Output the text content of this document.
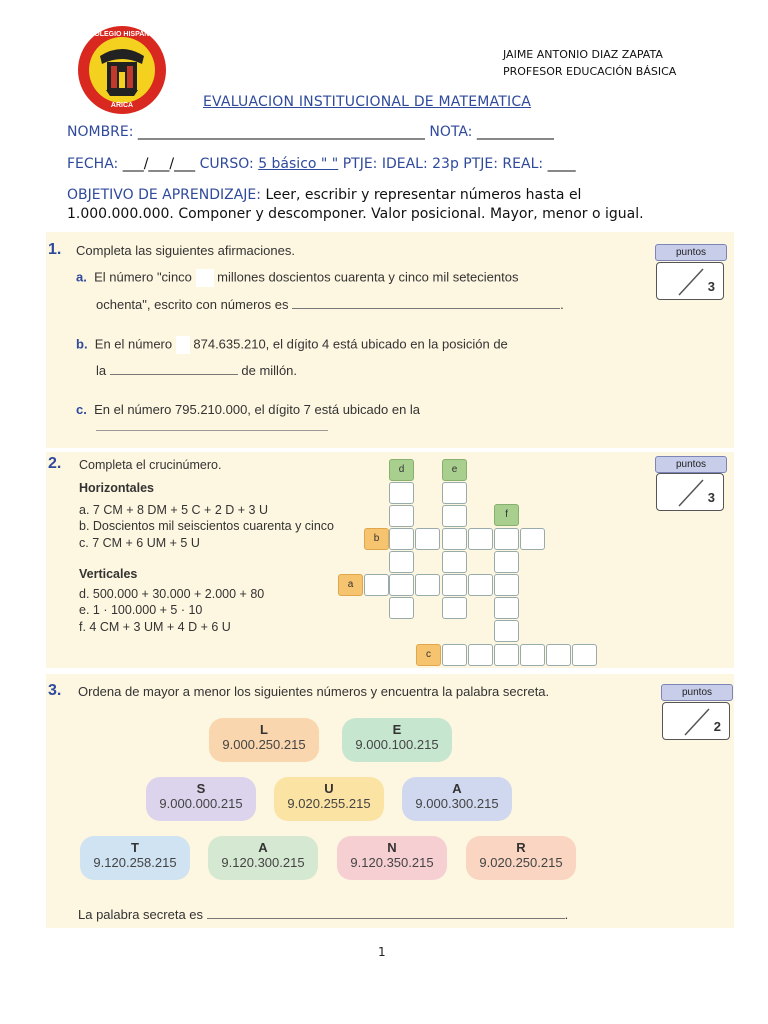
COLEGIO HISPANO
ARICA
JAIME ANTONIO DIAZ ZAPATA
PROFESOR EDUCACIÓN BÁSICA
EVALUACION INSTITUCIONAL DE MATEMATICA
NOMBRE: _________________________________________ NOTA: ___________
FECHA: ___/___/___ CURSO: 5 básico " " PTJE: IDEAL: 23p PTJE: REAL: ____
OBJETIVO DE APRENDIZAJE: Leer, escribir y representar números hasta el
1.000.000.000. Componer y descomponer. Valor posicional. Mayor, menor o igual.
1. Completa las siguientes afirmaciones.	puntos
3
a. El número "cinco millones doscientos cuarenta y cinco mil setecientos
ochenta", escrito con números es	.
b. En el número 874.635.210, el dígito 4 está ubicado en la posición de
la	de millón.
c. En el número 795.210.000, el dígito 7 está ubicado en la
2. Completa el crucinúmero.
Horizontales
a. 7 CM + 8 DM + 5 C + 2 D + 3 U
b. Doscientos mil seiscientos cuarenta y cinco
c. 7 CM + 6 UM + 5 U
Verticales
d. 500.000 + 30.000 + 2.000 + 80
e. 1 · 100.000 + 5 · 10
f. 4 CM + 3 UM + 4 D + 6 U
puntos
3
d	e
f
b
a
c
3. Ordena de mayor a menor los siguientes números y encuentra la palabra secreta.	puntos
2
L
9.000.250.215
E
9.000.100.215
S
9.000.000.215
U
9.020.255.215
A
9.000.300.215
T
9.120.258.215
A
9.120.300.215
N
9.120.350.215
R
9.020.250.215
La palabra secreta es	.
1
